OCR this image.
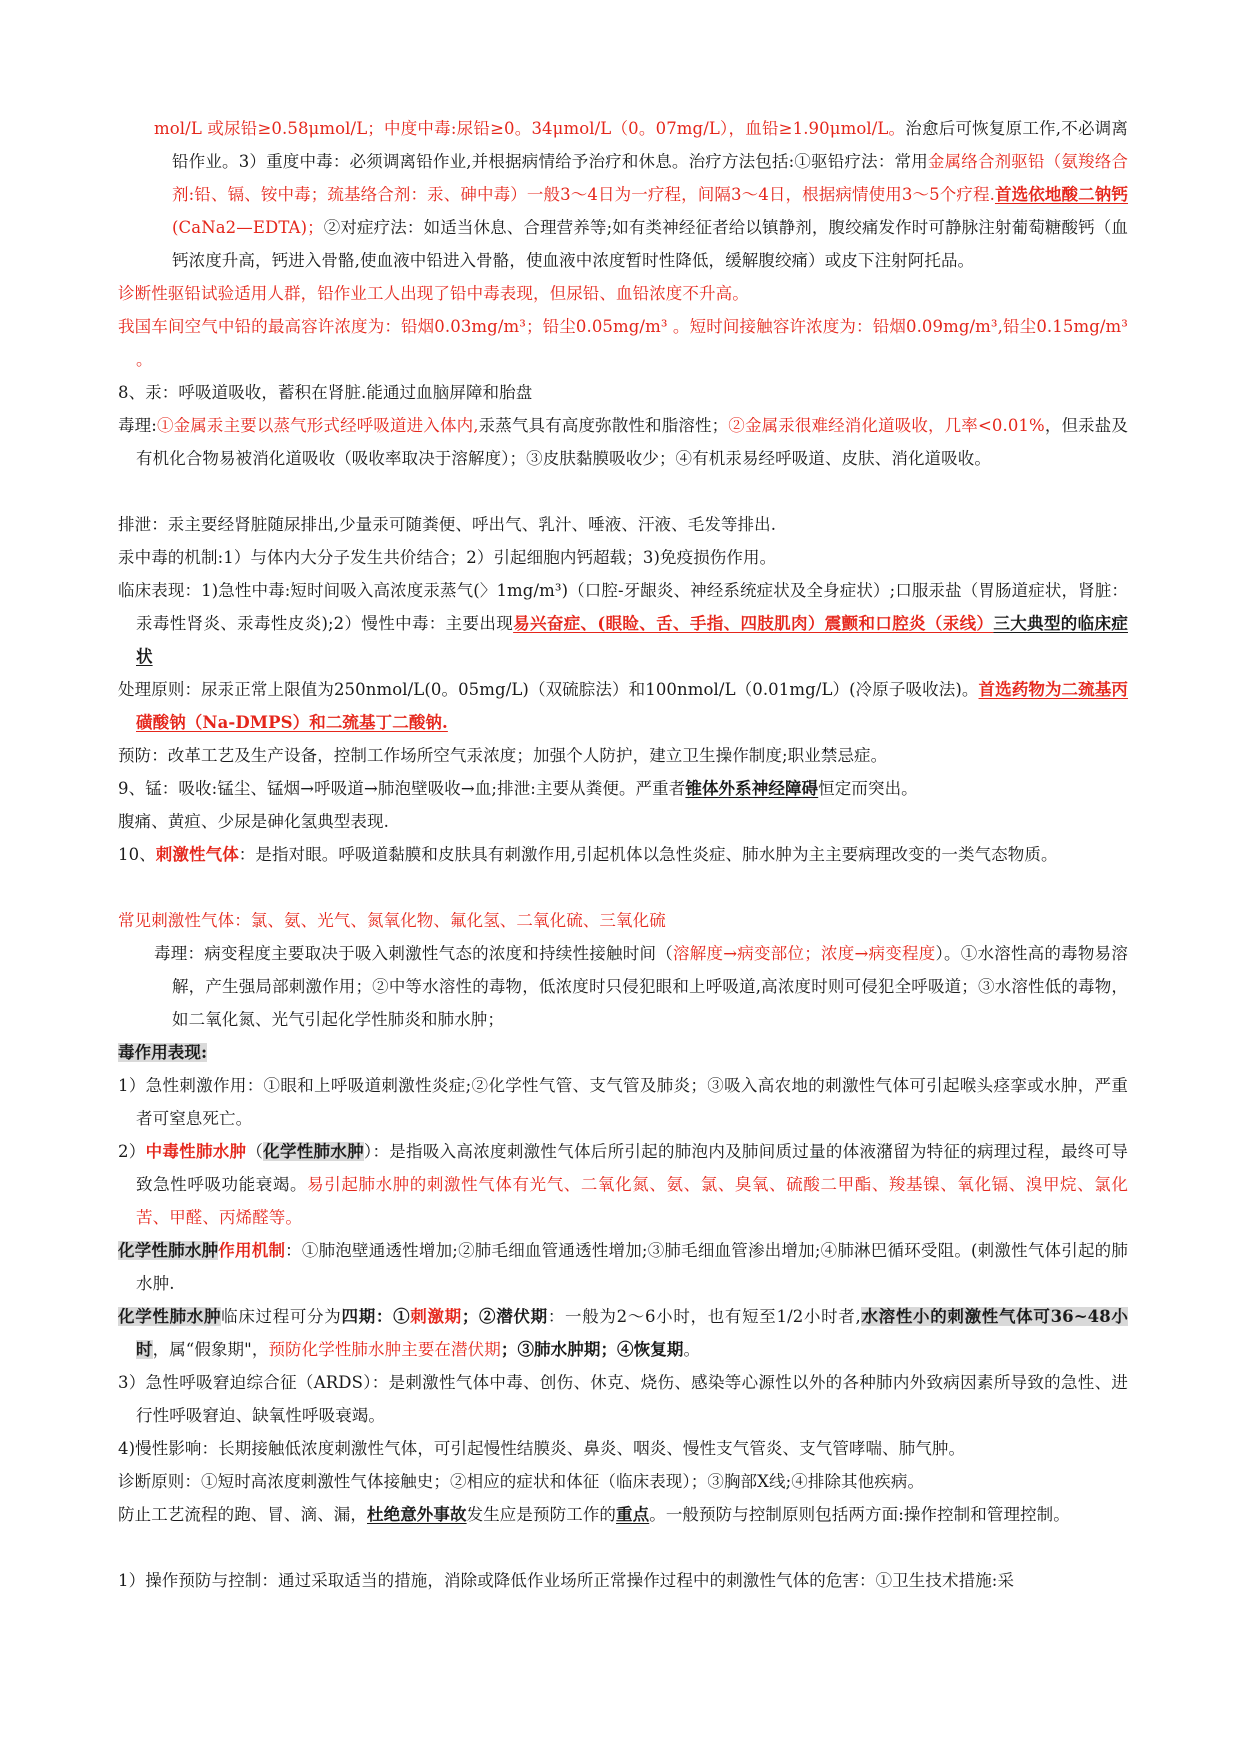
mol/L 或尿铅≥0.58μmol/L；中度中毒:尿铅≥0。34μmol/L（0。07mg/L），血铅≥1.90μmol/L。治愈后可恢复原工作,不必调离铅作业。3）重度中毒：必须调离铅作业,并根据病情给予治疗和休息。治疗方法包括:①驱铅疗法：常用金属络合剂驱铅（氨羧络合剂:铅、镉、铵中毒；巯基络合剂：汞、砷中毒）一般3～4日为一疗程，间隔3～4日，根据病情使用3～5个疗程.首选依地酸二钠钙(CaNa2—EDTA)；②对症疗法：如适当休息、合理营养等;如有类神经征者给以镇静剂，腹绞痛发作时可静脉注射葡萄糖酸钙（血钙浓度升高，钙进入骨骼,使血液中铅进入骨骼，使血液中浓度暂时性降低，缓解腹绞痛）或皮下注射阿托品。

诊断性驱铅试验适用人群，铅作业工人出现了铅中毒表现，但尿铅、血铅浓度不升高。

我国车间空气中铅的最高容许浓度为：铅烟0.03mg/m³；铅尘0.05mg/m³ 。短时间接触容许浓度为：铅烟0.09mg/m³,铅尘0.15mg/m³ 。

8、汞：呼吸道吸收，蓄积在肾脏.能通过血脑屏障和胎盘

毒理:①金属汞主要以蒸气形式经呼吸道进入体内,汞蒸气具有高度弥散性和脂溶性；②金属汞很难经消化道吸收，几率<0.01%，但汞盐及有机化合物易被消化道吸收（吸收率取决于溶解度）；③皮肤黏膜吸收少；④有机汞易经呼吸道、皮肤、消化道吸收。

排泄：汞主要经肾脏随尿排出,少量汞可随粪便、呼出气、乳汁、唾液、汗液、毛发等排出.

汞中毒的机制:1）与体内大分子发生共价结合；2）引起细胞内钙超载；3)免疫损伤作用。

临床表现：1)急性中毒:短时间吸入高浓度汞蒸气(〉1mg/m³)（口腔-牙龈炎、神经系统症状及全身症状）;口服汞盐（胃肠道症状，肾脏：汞毒性肾炎、汞毒性皮炎);2）慢性中毒：主要出现易兴奋症、(眼睑、舌、手指、四肢肌肉）震颤和口腔炎（汞线）三大典型的临床症状

处理原则：尿汞正常上限值为250nmol/L(0。05mg/L)（双硫腙法）和100nmol/L（0.01mg/L）(冷原子吸收法)。首选药物为二巯基丙磺酸钠（Na-DMPS）和二巯基丁二酸钠.

预防：改革工艺及生产设备，控制工作场所空气汞浓度；加强个人防护，建立卫生操作制度;职业禁忌症。

9、锰：吸收:锰尘、锰烟→呼吸道→肺泡壁吸收→血;排泄:主要从粪便。严重者锥体外系神经障碍恒定而突出。

腹痛、黄疸、少尿是砷化氢典型表现.

10、刺激性气体：是指对眼。呼吸道黏膜和皮肤具有刺激作用,引起机体以急性炎症、肺水肿为主主要病理改变的一类气态物质。

常见刺激性气体：氯、氨、光气、氮氧化物、氟化氢、二氧化硫、三氧化硫

毒理：病变程度主要取决于吸入刺激性气态的浓度和持续性接触时间（溶解度→病变部位；浓度→病变程度）。①水溶性高的毒物易溶解，产生强局部刺激作用；②中等水溶性的毒物，低浓度时只侵犯眼和上呼吸道,高浓度时则可侵犯全呼吸道；③水溶性低的毒物，如二氧化氮、光气引起化学性肺炎和肺水肿；

毒作用表现:

1）急性刺激作用：①眼和上呼吸道刺激性炎症;②化学性气管、支气管及肺炎；③吸入高农地的刺激性气体可引起喉头痉挛或水肿，严重者可窒息死亡。

2）中毒性肺水肿（化学性肺水肿）：是指吸入高浓度刺激性气体后所引起的肺泡内及肺间质过量的体液潴留为特征的病理过程，最终可导致急性呼吸功能衰竭。易引起肺水肿的刺激性气体有光气、二氧化氮、氨、氯、臭氧、硫酸二甲酯、羧基镍、氧化镉、溴甲烷、氯化苦、甲醛、丙烯醛等。

化学性肺水肿作用机制：①肺泡壁通透性增加;②肺毛细血管通透性增加;③肺毛细血管渗出增加;④肺淋巴循环受阻。(刺激性气体引起的肺水肿.

化学性肺水肿临床过程可分为四期：①刺激期；②潜伏期：一般为2～6小时，也有短至1/2小时者,水溶性小的刺激性气体可36~48小时，属“假象期"，预防化学性肺水肿主要在潜伏期；③肺水肿期；④恢复期。

3）急性呼吸窘迫综合征（ARDS）：是刺激性气体中毒、创伤、休克、烧伤、感染等心源性以外的各种肺内外致病因素所导致的急性、进行性呼吸窘迫、缺氧性呼吸衰竭。

4)慢性影响：长期接触低浓度刺激性气体，可引起慢性结膜炎、鼻炎、咽炎、慢性支气管炎、支气管哮喘、肺气肿。

诊断原则：①短时高浓度刺激性气体接触史；②相应的症状和体征（临床表现）；③胸部X线;④排除其他疾病。

防止工艺流程的跑、冒、滴、漏，杜绝意外事故发生应是预防工作的重点。一般预防与控制原则包括两方面:操作控制和管理控制。

1）操作预防与控制：通过采取适当的措施，消除或降低作业场所正常操作过程中的刺激性气体的危害：①卫生技术措施:采
